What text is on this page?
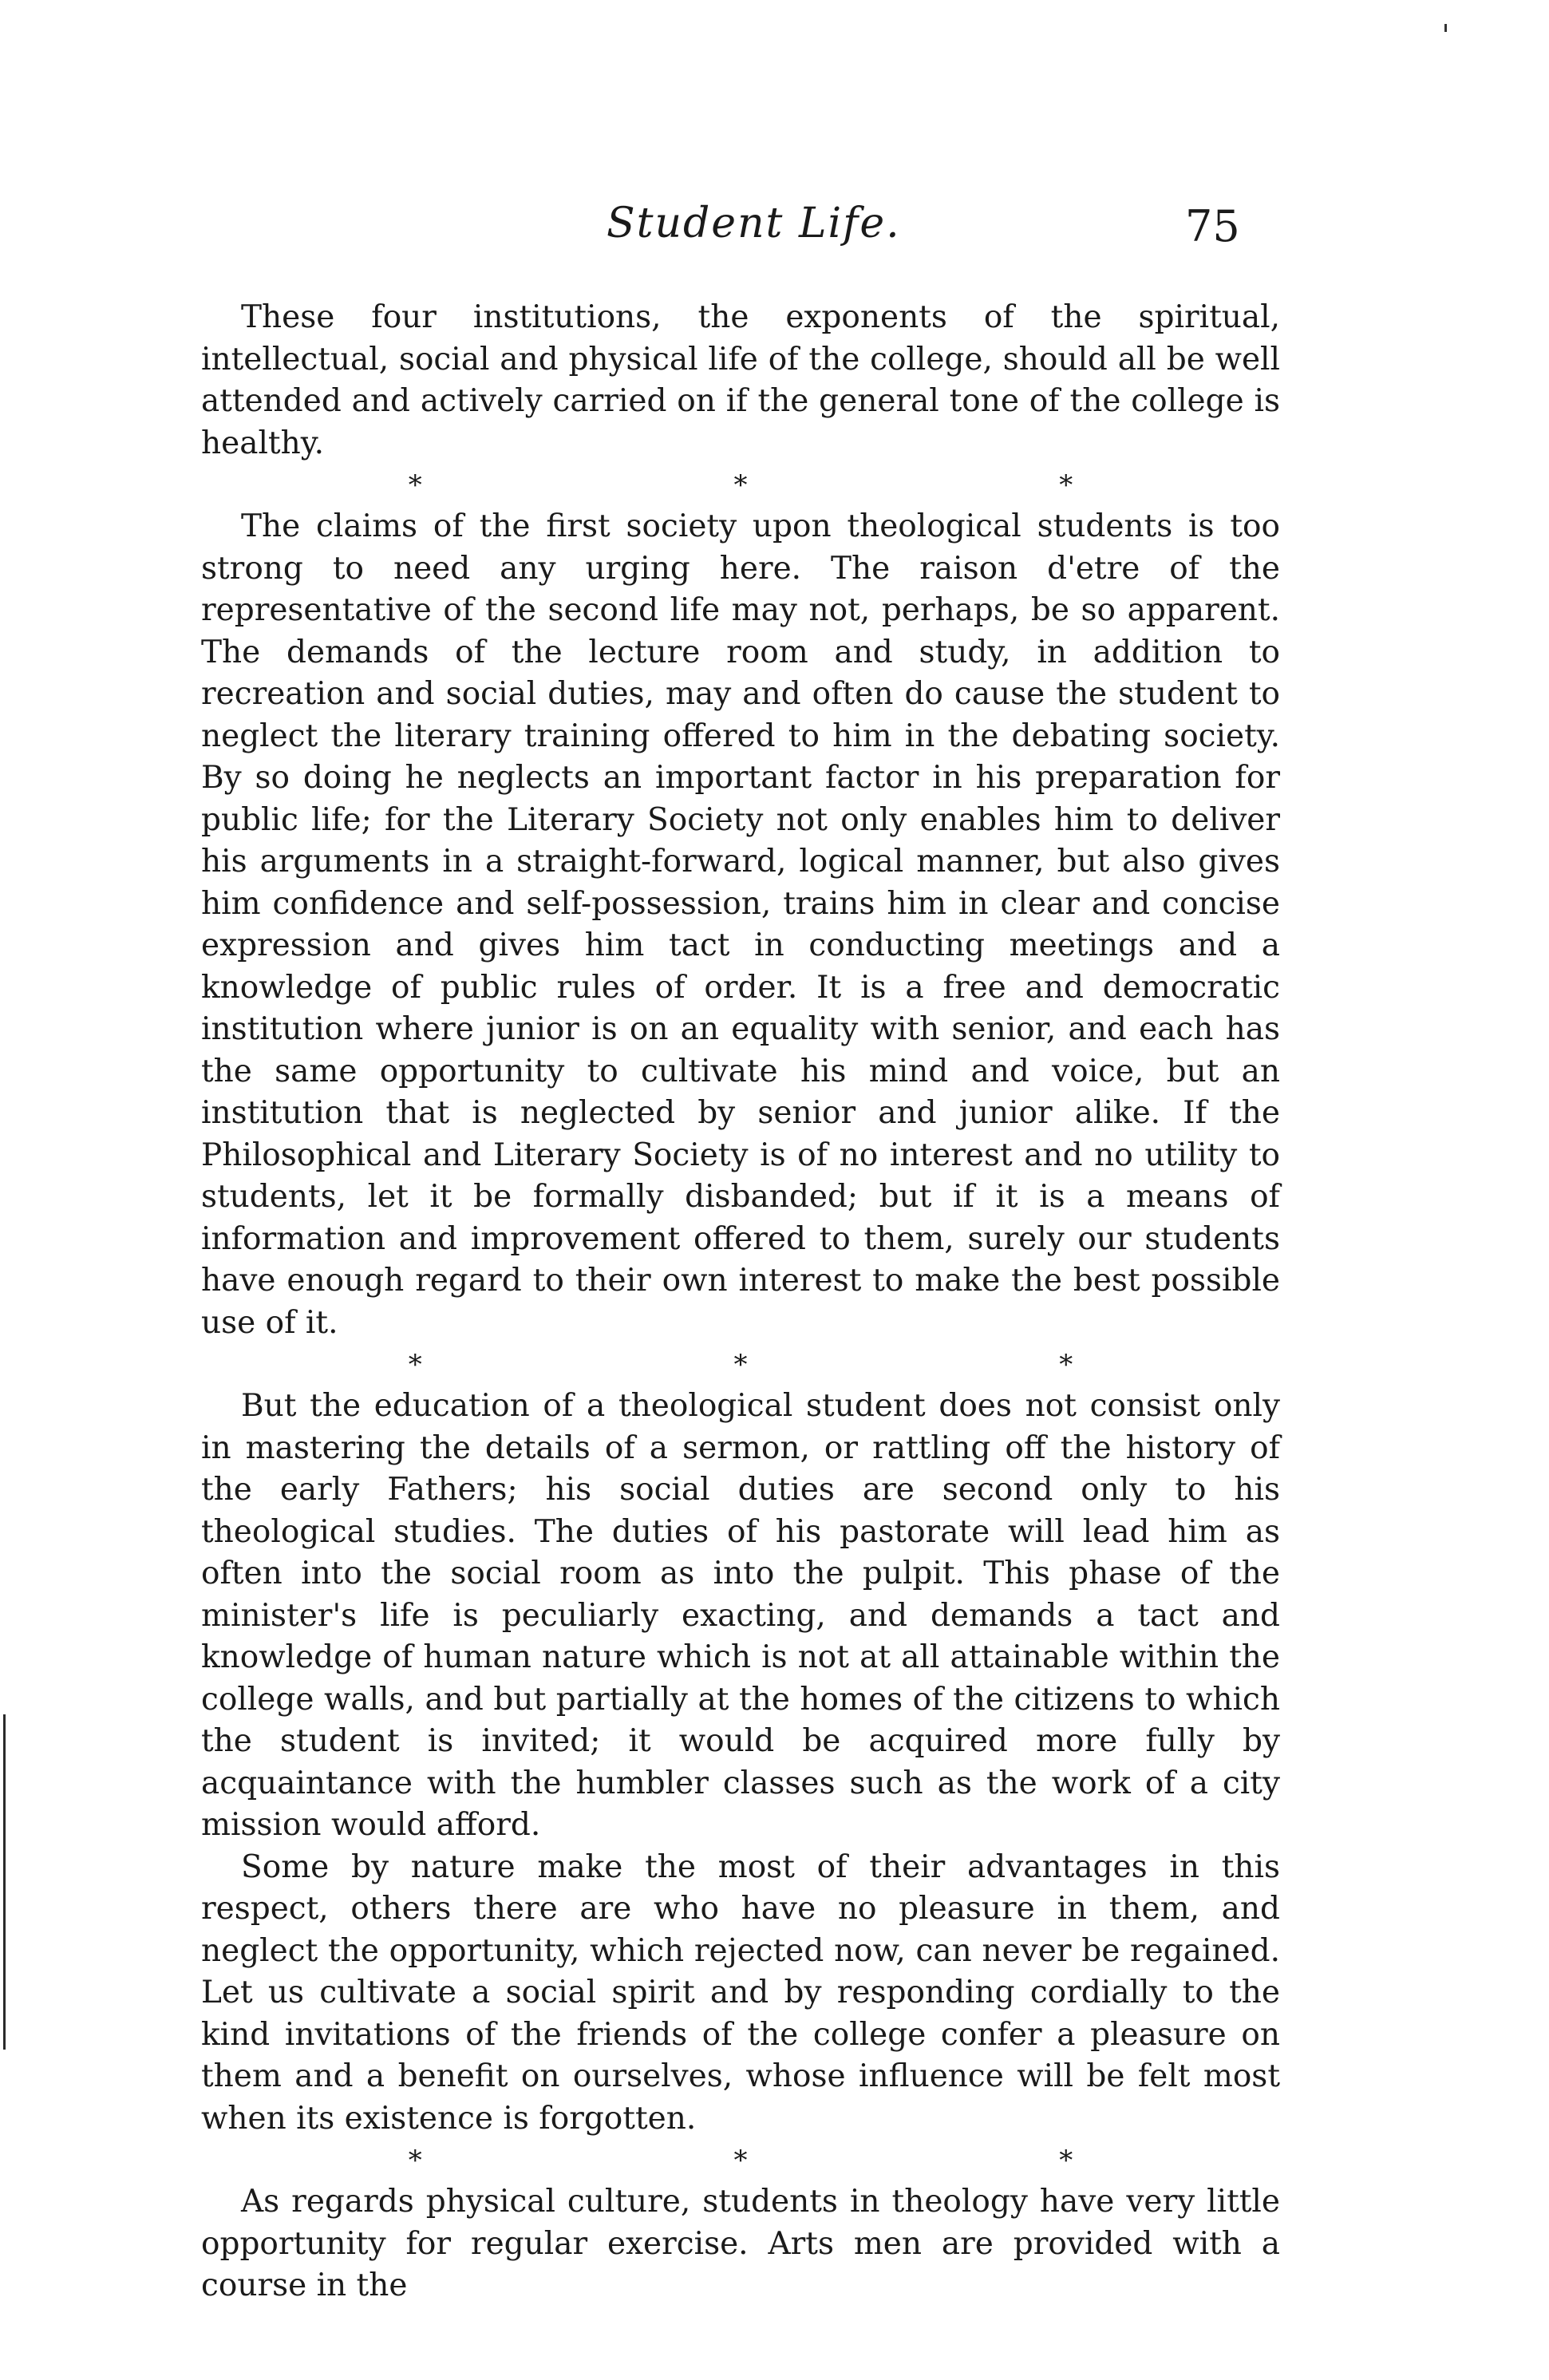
Student Life.	75

These four institutions, the exponents of the spiritual, intellectual, social and physical life of the college, should all be well attended and actively carried on if the general tone of the college is healthy.

* * *

The claims of the first society upon theological students is too strong to need any urging here. The raison d'etre of the representative of the second life may not, perhaps, be so apparent. The demands of the lecture room and study, in addition to recreation and social duties, may and often do cause the student to neglect the literary training offered to him in the debating society. By so doing he neglects an important factor in his preparation for public life; for the Literary Society not only enables him to deliver his arguments in a straight-forward, logical manner, but also gives him confidence and self-possession, trains him in clear and concise expression and gives him tact in conducting meetings and a knowledge of public rules of order. It is a free and democratic institution where junior is on an equality with senior, and each has the same opportunity to cultivate his mind and voice, but an institution that is neglected by senior and junior alike. If the Philosophical and Literary Society is of no interest and no utility to students, let it be formally disbanded; but if it is a means of information and improvement offered to them, surely our students have enough regard to their own interest to make the best possible use of it.

* * *

But the education of a theological student does not consist only in mastering the details of a sermon, or rattling off the history of the early Fathers; his social duties are second only to his theological studies. The duties of his pastorate will lead him as often into the social room as into the pulpit. This phase of the minister's life is peculiarly exacting, and demands a tact and knowledge of human nature which is not at all attainable within the college walls, and but partially at the homes of the citizens to which the student is invited; it would be acquired more fully by acquaintance with the humbler classes such as the work of a city mission would afford.

Some by nature make the most of their advantages in this respect, others there are who have no pleasure in them, and neglect the opportunity, which rejected now, can never be regained. Let us cultivate a social spirit and by responding cordially to the kind invitations of the friends of the college confer a pleasure on them and a benefit on ourselves, whose influence will be felt most when its existence is forgotten.

* * *

As regards physical culture, students in theology have very little opportunity for regular exercise. Arts men are provided with a course in the
